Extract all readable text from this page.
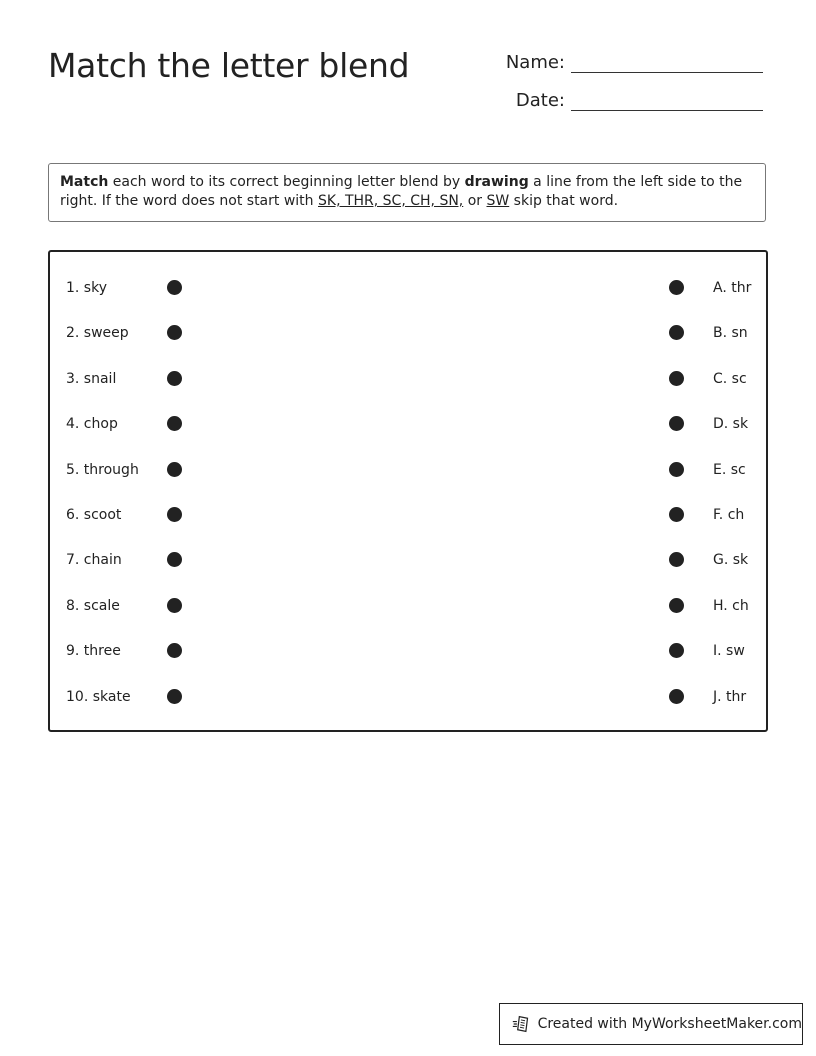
Match the letter blend	Name:
Date:
Match each word to its correct beginning letter blend by drawing a line from the left side to the right. If the word does not start with SK, THR, SC, CH, SN, or SW skip that word.
1. sky	A. thr
2. sweep	B. sn
3. snail	C. sc
4. chop	D. sk
5. through	E. sc
6. scoot	F. ch
7. chain	G. sk
8. scale	H. ch
9. three	I. sw
10. skate	J. thr
Created with MyWorksheetMaker.com
